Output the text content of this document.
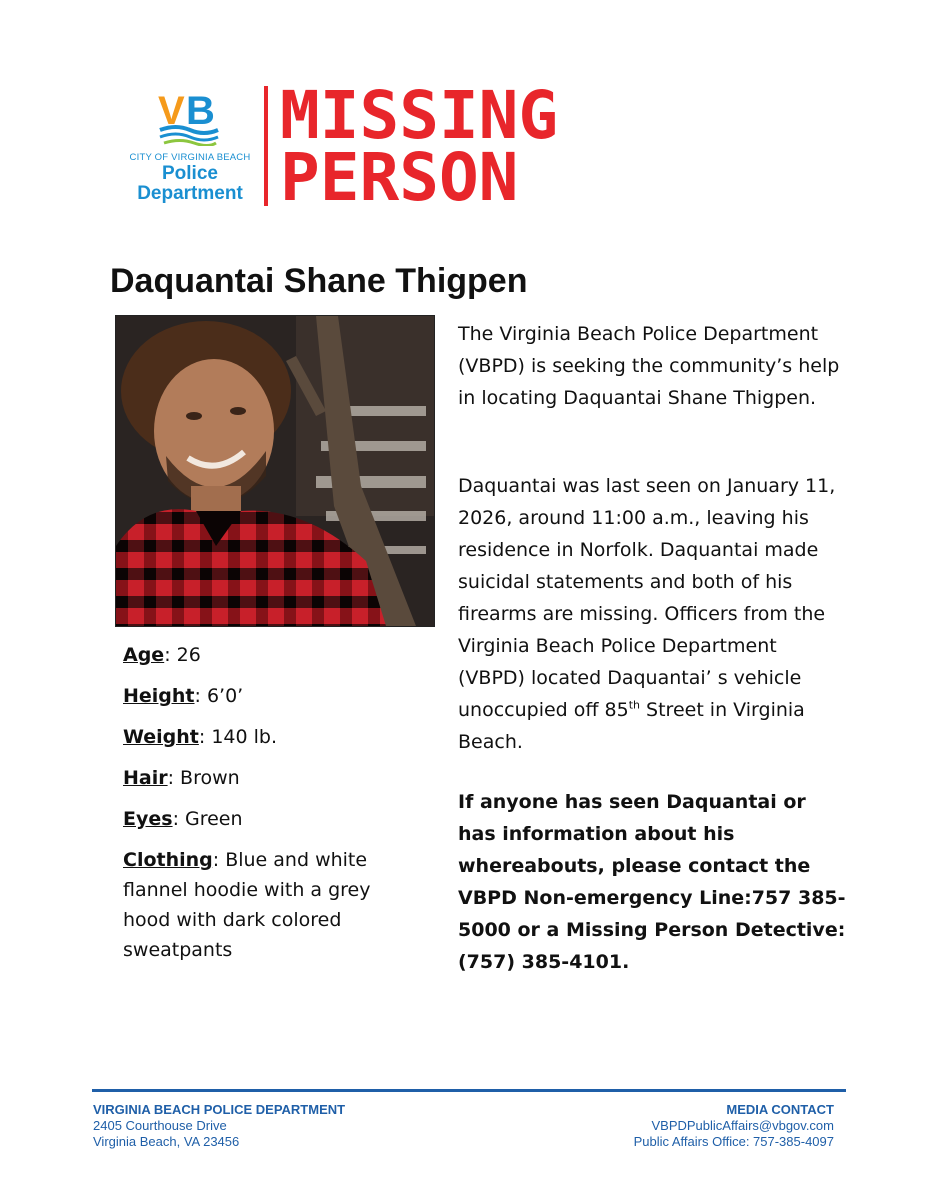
V B
CITY OF VIRGINIA BEACH
Police
Department
MISSING
PERSON
Daquantai Shane Thigpen
Age: 26
Height: 6’0’
Weight: 140 lb.
Hair: Brown
Eyes: Green
Clothing: Blue and white flannel hoodie with a grey hood with dark colored sweatpants
The Virginia Beach Police Department (VBPD) is seeking the community’s help in locating Daquantai Shane Thigpen.
Daquantai was last seen on January 11, 2026, around 11:00 a.m., leaving his residence in Norfolk. Daquantai made suicidal statements and both of his firearms are missing. Officers from the Virginia Beach Police Department (VBPD) located Daquantai’ s vehicle unoccupied off 85th Street in Virginia Beach.
If anyone has seen Daquantai or has information about his whereabouts, please contact the VBPD Non-emergency Line:757 385-5000 or a Missing Person Detective: (757) 385-4101.
VIRGINIA BEACH POLICE DEPARTMENT
2405 Courthouse Drive
Virginia Beach, VA 23456
MEDIA CONTACT
VBPDPublicAffairs@vbgov.com
Public Affairs Office: 757-385-4097
